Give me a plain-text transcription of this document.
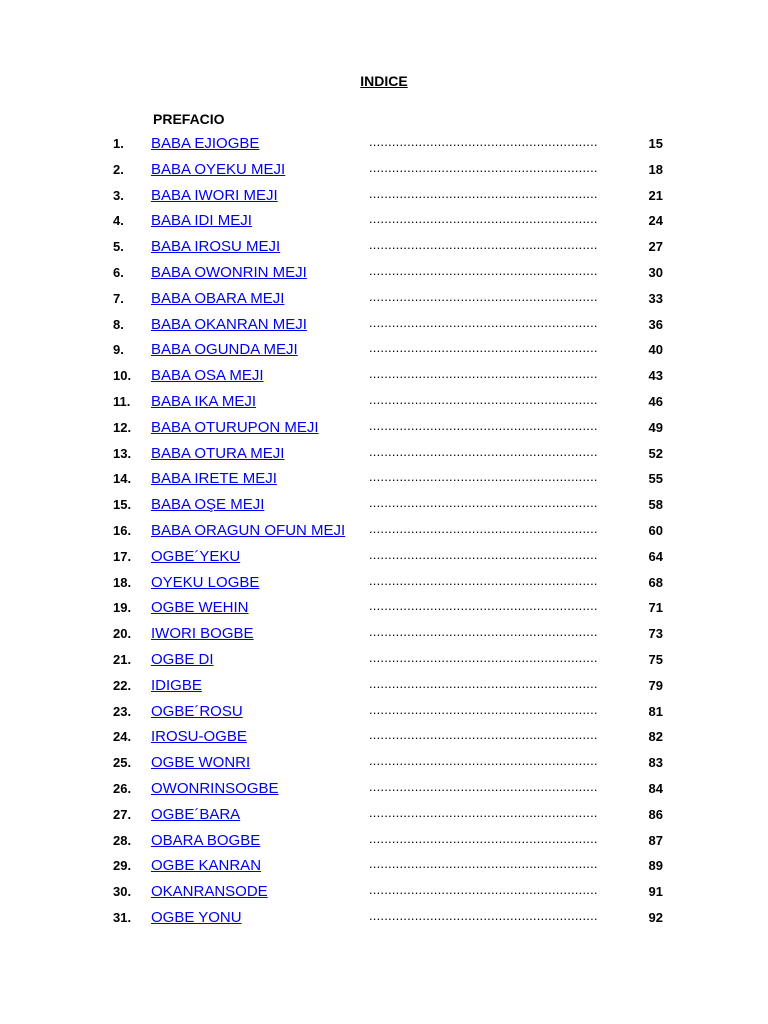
INDICE
PREFACIO
1. BABA EJIOGBE	............................................................	15
2. BABA OYEKU MEJI	............................................................	18
3. BABA IWORI MEJI	............................................................	21
4. BABA IDI MEJI	............................................................	24
5. BABA IROSU MEJI	............................................................	27
6. BABA OWONRIN MEJI	............................................................	30
7. BABA OBARA MEJI	............................................................	33
8. BABA OKANRAN MEJI	............................................................	36
9. BABA OGUNDA MEJI	............................................................	40
10. BABA OSA MEJI	............................................................	43
11. BABA IKA MEJI	............................................................	46
12. BABA OTURUPON MEJI	............................................................	49
13. BABA OTURA MEJI	............................................................	52
14. BABA IRETE MEJI	............................................................	55
15. BABA OŞE MEJI	............................................................	58
16. BABA ORAGUN OFUN MEJI ............................................................	60
17. OGBE´YEKU	............................................................	64
18. OYEKU LOGBE	............................................................	68
19. OGBE WEHIN	............................................................	71
20. IWORI BOGBE	............................................................	73
21. OGBE DI	............................................................	75
22. IDIGBE	............................................................	79
23. OGBE´ROSU	............................................................	81
24. IROSU-OGBE	............................................................	82
25. OGBE WONRI	............................................................	83
26. OWONRINSOGBE	............................................................	84
27. OGBE´BARA	............................................................	86
28. OBARA BOGBE	............................................................	87
29. OGBE KANRAN	............................................................	89
30. OKANRANSODE	............................................................	91
31. OGBE YONU	............................................................	92
